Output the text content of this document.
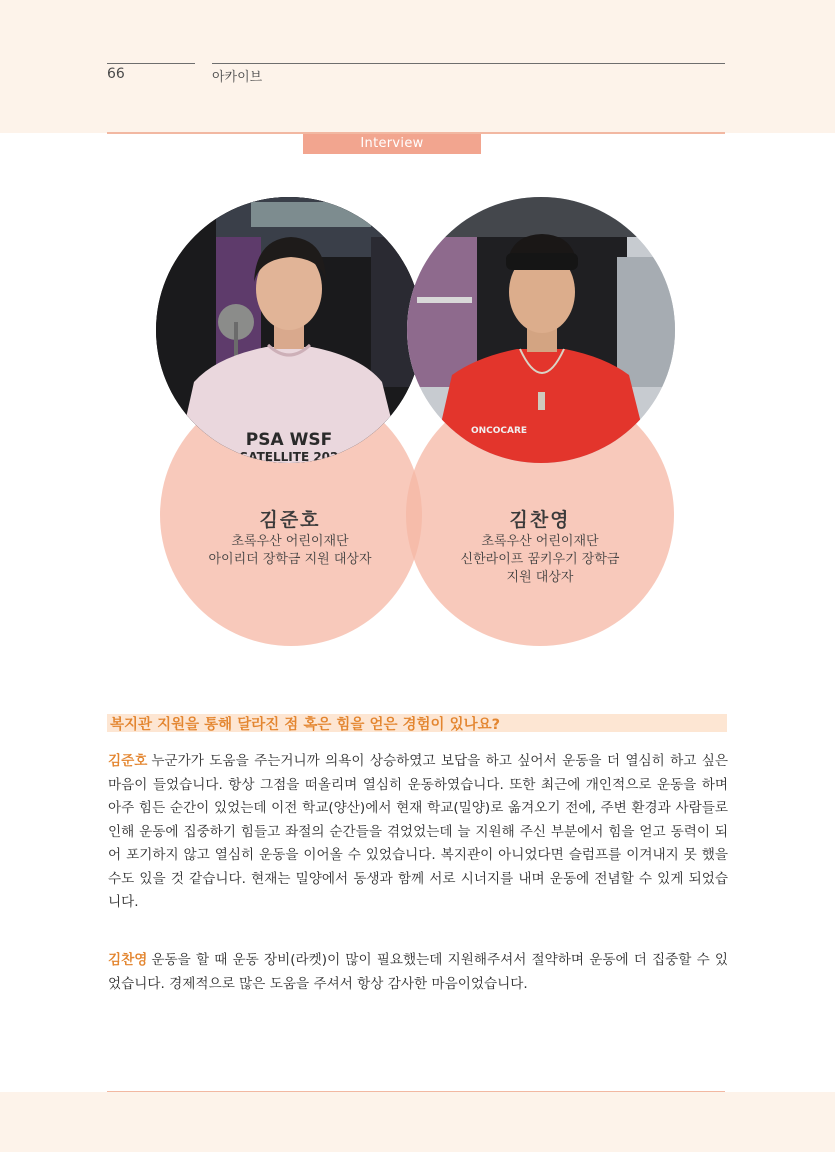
66	아카이브
Interview
PSA WSF
SATELLITE 202
ONCOCARE
김준호
초록우산 어린이재단
아이리더 장학금 지원 대상자
김찬영
초록우산 어린이재단
신한라이프 꿈키우기 장학금
지원 대상자
복지관 지원을 통해 달라진 점 혹은 힘을 얻은 경험이 있나요?

김준호 누군가가 도움을 주는거니까 의욕이 상승하였고 보답을 하고 싶어서 운동을 더 열심히 하고 싶은 마음이 들었습니다. 항상 그점을 떠올리며 열심히 운동하였습니다. 또한 최근에 개인적으로 운동을 하며 아주 힘든 순간이 있었는데 이전 학교(양산)에서 현재 학교(밀양)로 옮겨오기 전에, 주변 환경과 사람들로 인해 운동에 집중하기 힘들고 좌절의 순간들을 겪었었는데 늘 지원해 주신 부분에서 힘을 얻고 동력이 되어 포기하지 않고 열심히 운동을 이어올 수 있었습니다. 복지관이 아니었다면 슬럼프를 이겨내지 못 했을 수도 있을 것 같습니다. 현재는 밀양에서 동생과 함께 서로 시너지를 내며 운동에 전념할 수 있게 되었습니다.

김찬영 운동을 할 때 운동 장비(라켓)이 많이 필요했는데 지원해주셔서 절약하며 운동에 더 집중할 수 있었습니다. 경제적으로 많은 도움을 주셔서 항상 감사한 마음이었습니다.
